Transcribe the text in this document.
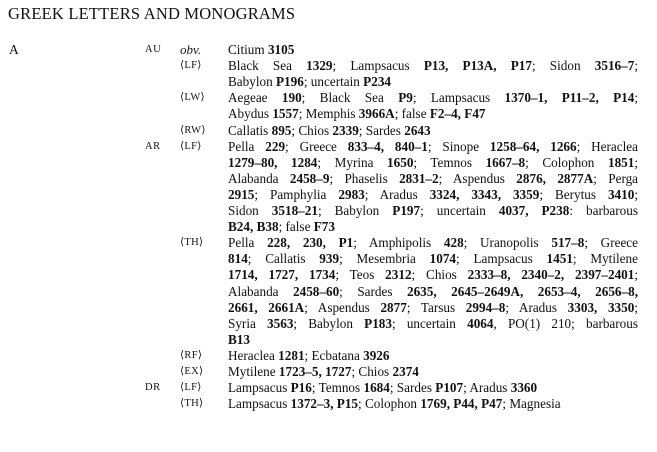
GREEK LETTERS AND MONOGRAMS
A	AU obv. Citium 3105
⟨LF⟩ Black Sea 1329; Lampsacus P13, P13A, P17; Sidon 3516–7;
Babylon P196; uncertain P234
⟨LW⟩ Aegeae 190; Black Sea P9; Lampsacus 1370–1, P11–2, P14;
Abydus 1557; Memphis 3966A; false F2–4, F47
⟨RW⟩ Callatis 895; Chios 2339; Sardes 2643
AR ⟨LF⟩ Pella 229; Greece 833–4, 840–1; Sinope 1258–64, 1266; Heraclea
1279–80, 1284; Myrina 1650; Temnos 1667–8; Colophon 1851;
Alabanda 2458–9; Phaselis 2831–2; Aspendus 2876, 2877A; Perga
2915; Pamphylia 2983; Aradus 3324, 3343, 3359; Berytus 3410;
Sidon 3518–21; Babylon P197; uncertain 4037, P238: barbarous
B24, B38; false F73
⟨TH⟩ Pella 228, 230, P1; Amphipolis 428; Uranopolis 517–8; Greece
814; Callatis 939; Mesembria 1074; Lampsacus 1451; Mytilene
1714, 1727, 1734; Teos 2312; Chios 2333–8, 2340–2, 2397–2401;
Alabanda 2458–60; Sardes 2635, 2645–2649A, 2653–4, 2656–8,
2661, 2661A; Aspendus 2877; Tarsus 2994–8; Aradus 3303, 3350;
Syria 3563; Babylon P183; uncertain 4064, PO(1) 210; barbarous
B13
⟨RF⟩ Heraclea 1281; Ecbatana 3926
⟨EX⟩ Mytilene 1723–5, 1727; Chios 2374
DR ⟨LF⟩ Lampsacus P16; Temnos 1684; Sardes P107; Aradus 3360
⟨TH⟩ Lampsacus 1372–3, P15; Colophon 1769, P44, P47; Magnesia
